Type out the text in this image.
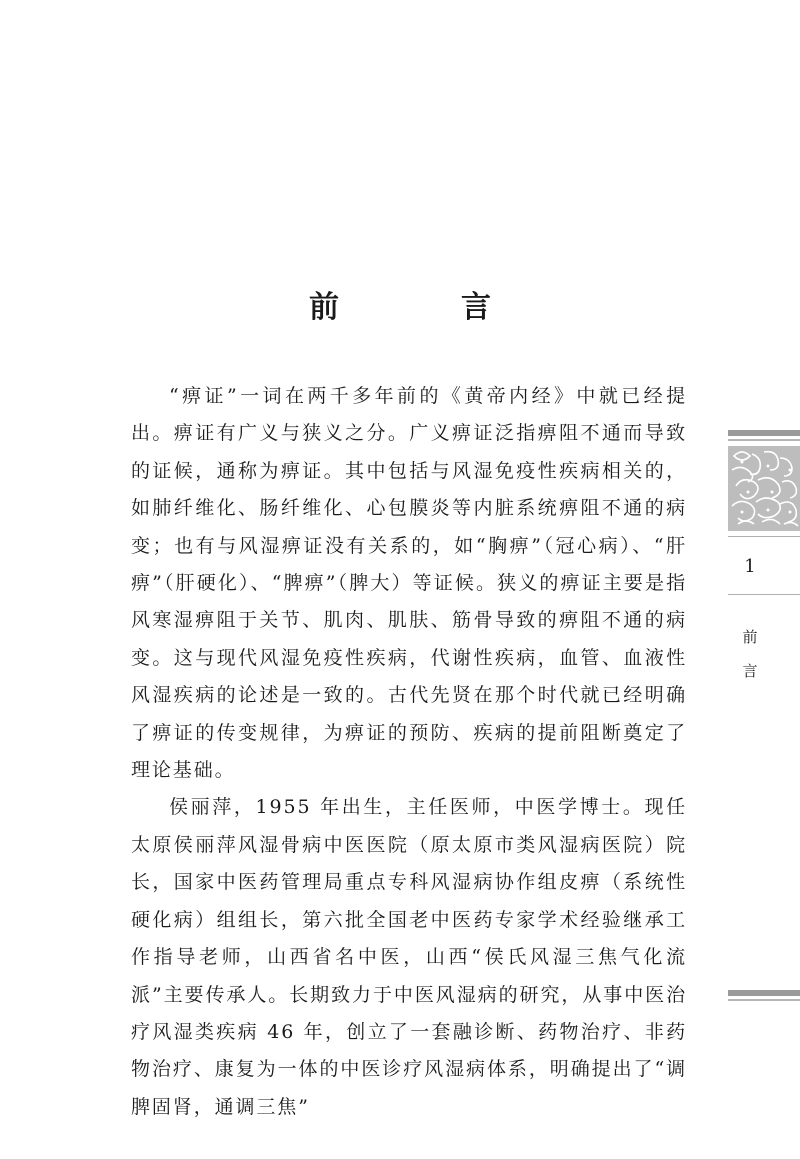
前　言

“痹证”一词在两千多年前的《黄帝内经》中就已经提出。痹证有广义与狭义之分。广义痹证泛指痹阻不通而导致的证候，通称为痹证。其中包括与风湿免疫性疾病相关的，如肺纤维化、肠纤维化、心包膜炎等内脏系统痹阻不通的病变；也有与风湿痹证没有关系的，如“胸痹”（冠心病）、“肝痹”（肝硬化）、“脾痹”（脾大）等证候。狭义的痹证主要是指风寒湿痹阻于关节、肌肉、肌肤、筋骨导致的痹阻不通的病变。这与现代风湿免疫性疾病，代谢性疾病，血管、血液性风湿疾病的论述是一致的。古代先贤在那个时代就已经明确了痹证的传变规律，为痹证的预防、疾病的提前阻断奠定了理论基础。

侯丽萍，1955 年出生，主任医师，中医学博士。现任太原侯丽萍风湿骨病中医医院（原太原市类风湿病医院）院长，国家中医药管理局重点专科风湿病协作组皮痹（系统性硬化病）组组长，第六批全国老中医药专家学术经验继承工作指导老师，山西省名中医，山西“侯氏风湿三焦气化流派”主要传承人。长期致力于中医风湿病的研究，从事中医治疗风湿类疾病 46 年，创立了一套融诊断、药物治疗、非药物治疗、康复为一体的中医诊疗风湿病体系，明确提出了“调脾固肾，通调三焦”

1
前
言
